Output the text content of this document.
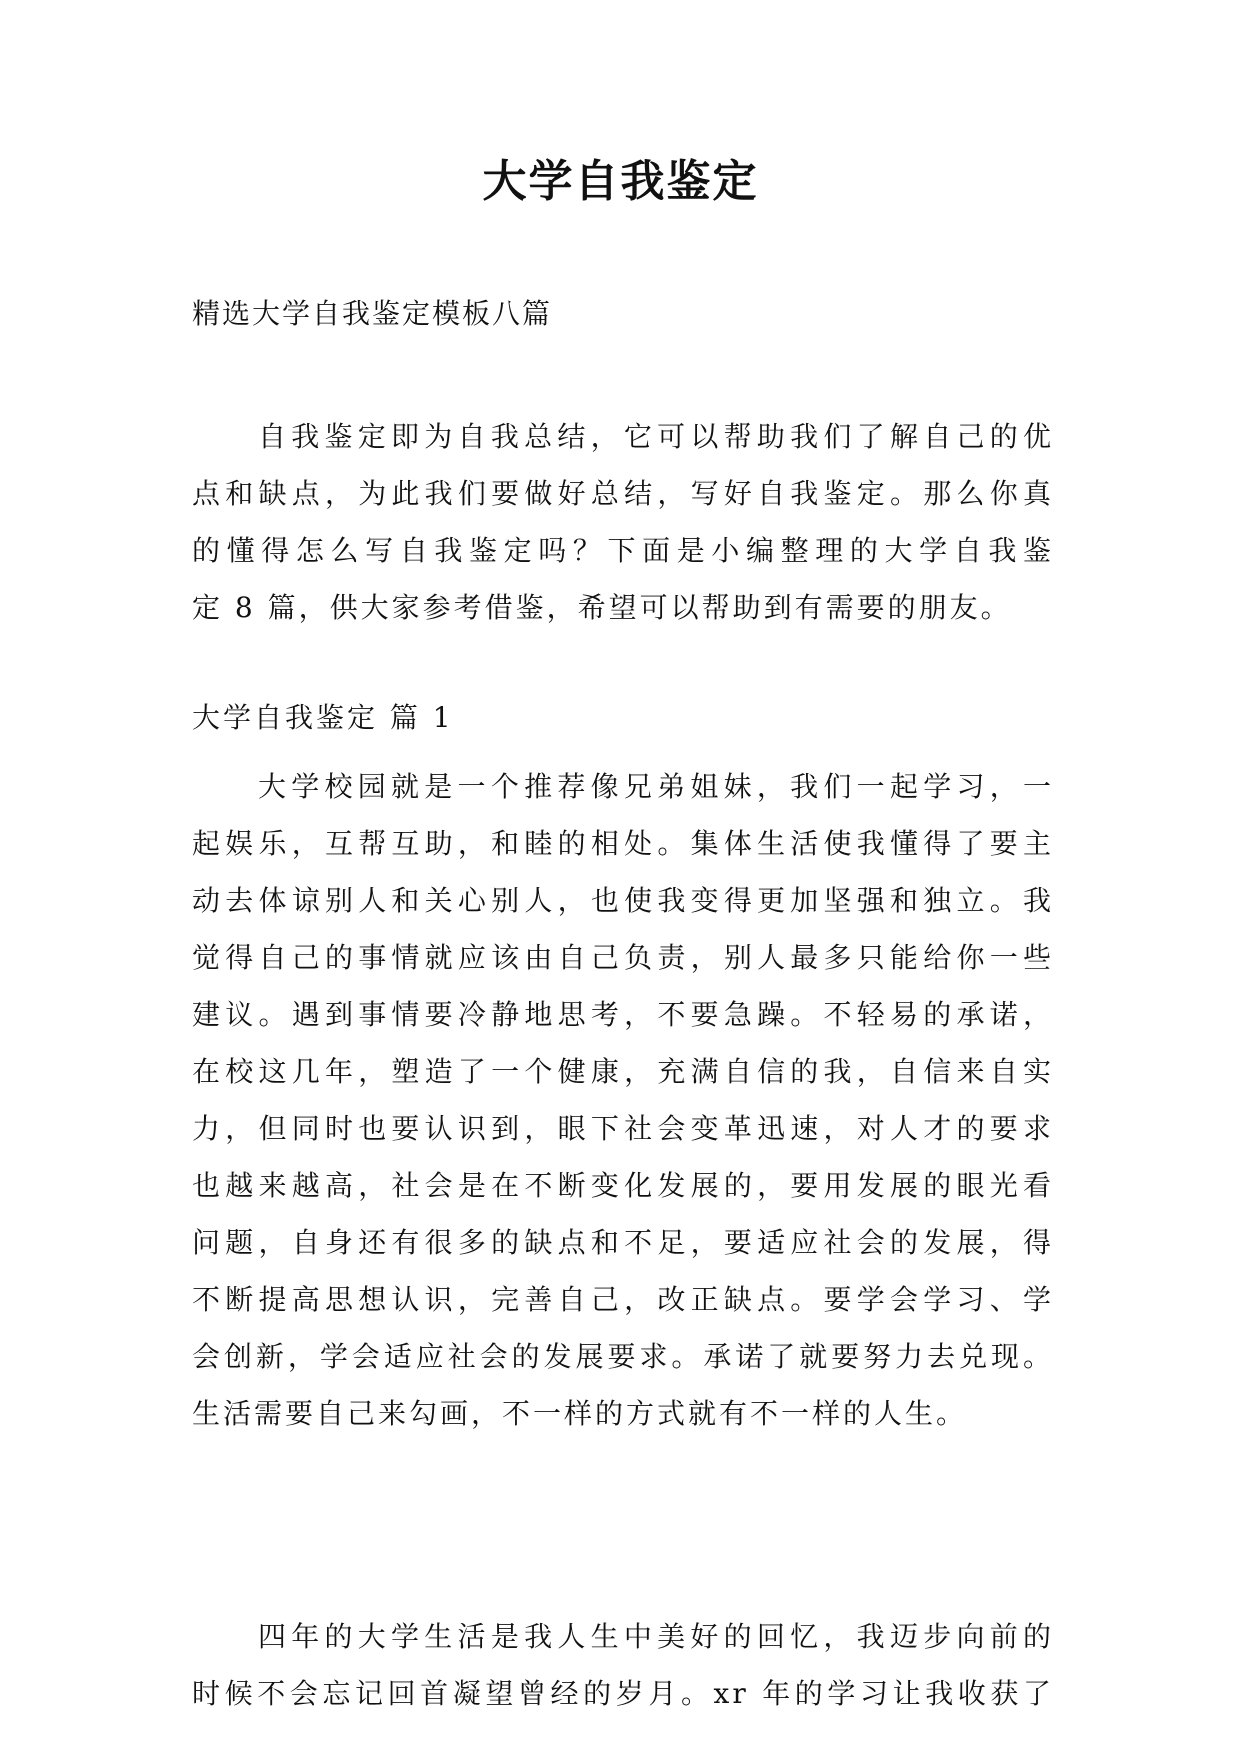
大学自我鉴定

精选大学自我鉴定模板八篇

自我鉴定即为自我总结，它可以帮助我们了解自己的优
点和缺点，为此我们要做好总结，写好自我鉴定。那么你真
的懂得怎么写自我鉴定吗？下面是小编整理的大学自我鉴
定 8 篇，供大家参考借鉴，希望可以帮助到有需要的朋友。

大学自我鉴定 篇 1

大学校园就是一个推荐像兄弟姐妹，我们一起学习，一
起娱乐，互帮互助，和睦的相处。集体生活使我懂得了要主
动去体谅别人和关心别人，也使我变得更加坚强和独立。我
觉得自己的事情就应该由自己负责，别人最多只能给你一些
建议。遇到事情要冷静地思考，不要急躁。不轻易的承诺，
在校这几年，塑造了一个健康，充满自信的我，自信来自实
力，但同时也要认识到，眼下社会变革迅速，对人才的要求
也越来越高，社会是在不断变化发展的，要用发展的眼光看
问题，自身还有很多的缺点和不足，要适应社会的发展，得
不断提高思想认识，完善自己，改正缺点。要学会学习、学
会创新，学会适应社会的发展要求。承诺了就要努力去兑现。
生活需要自己来勾画，不一样的方式就有不一样的人生。
四年的大学生活是我人生中美好的回忆，我迈步向前的
时候不会忘记回首凝望曾经的岁月。xr 年的学习让我收获了
